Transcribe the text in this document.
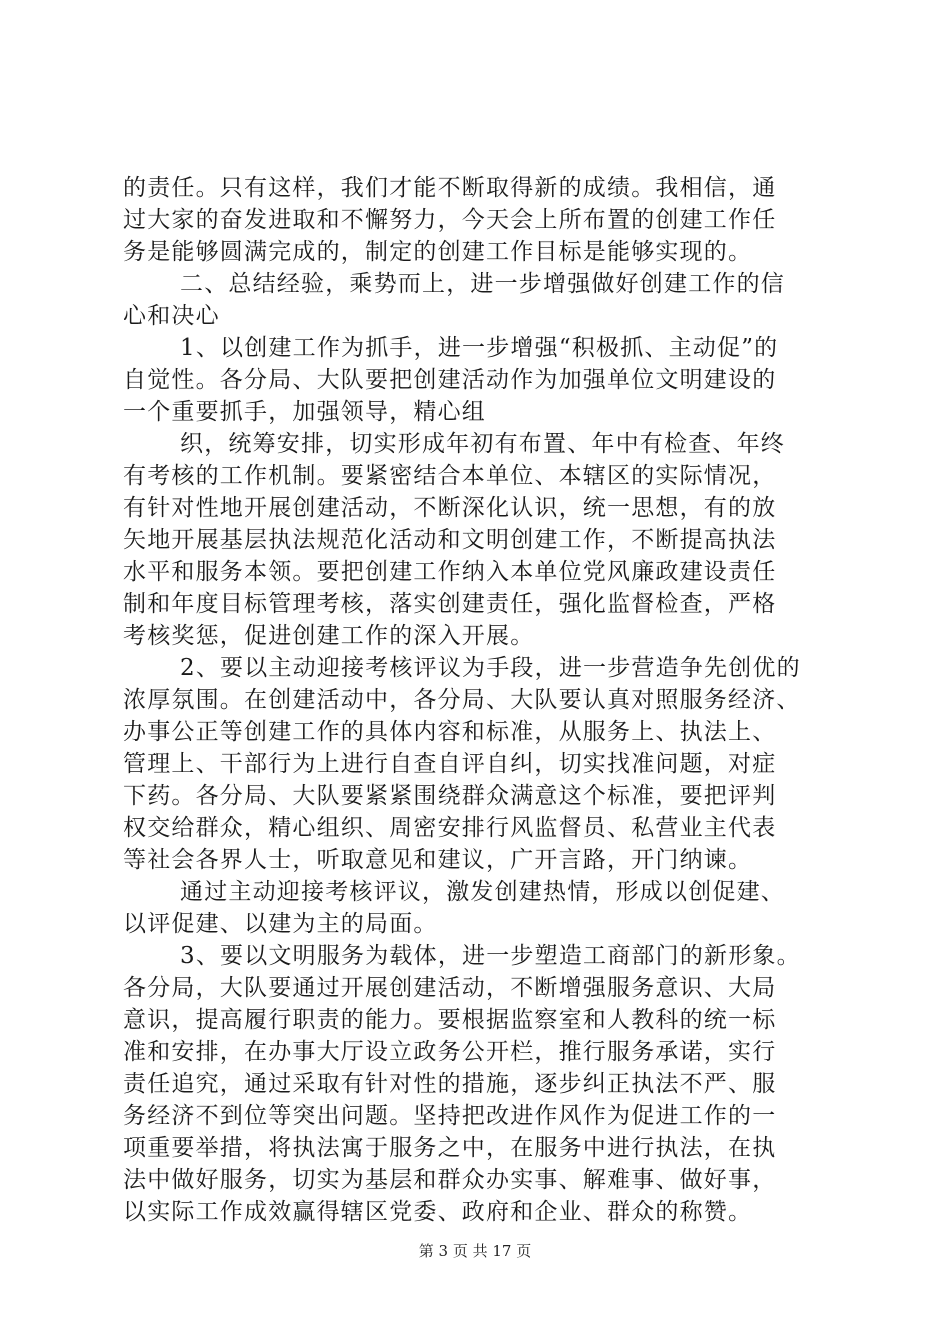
的责任。只有这样，我们才能不断取得新的成绩。我相信，通
过大家的奋发进取和不懈努力，今天会上所布置的创建工作任
务是能够圆满完成的，制定的创建工作目标是能够实现的。
二、总结经验，乘势而上，进一步增强做好创建工作的信
心和决心
1、以创建工作为抓手，进一步增强“积极抓、主动促”的
自觉性。各分局、大队要把创建活动作为加强单位文明建设的
一个重要抓手，加强领导，精心组
织，统筹安排，切实形成年初有布置、年中有检查、年终
有考核的工作机制。要紧密结合本单位、本辖区的实际情况，
有针对性地开展创建活动，不断深化认识，统一思想，有的放
矢地开展基层执法规范化活动和文明创建工作，不断提高执法
水平和服务本领。要把创建工作纳入本单位党风廉政建设责任
制和年度目标管理考核，落实创建责任，强化监督检查，严格
考核奖惩，促进创建工作的深入开展。
2、要以主动迎接考核评议为手段，进一步营造争先创优的
浓厚氛围。在创建活动中，各分局、大队要认真对照服务经济、
办事公正等创建工作的具体内容和标准，从服务上、执法上、
管理上、干部行为上进行自查自评自纠，切实找准问题，对症
下药。各分局、大队要紧紧围绕群众满意这个标准，要把评判
权交给群众，精心组织、周密安排行风监督员、私营业主代表
等社会各界人士，听取意见和建议，广开言路，开门纳谏。
通过主动迎接考核评议，激发创建热情，形成以创促建、
以评促建、以建为主的局面。
3、要以文明服务为载体，进一步塑造工商部门的新形象。
各分局，大队要通过开展创建活动，不断增强服务意识、大局
意识，提高履行职责的能力。要根据监察室和人教科的统一标
准和安排，在办事大厅设立政务公开栏，推行服务承诺，实行
责任追究，通过采取有针对性的措施，逐步纠正执法不严、服
务经济不到位等突出问题。坚持把改进作风作为促进工作的一
项重要举措，将执法寓于服务之中，在服务中进行执法，在执
法中做好服务，切实为基层和群众办实事、解难事、做好事，
以实际工作成效赢得辖区党委、政府和企业、群众的称赞。
第 3 页 共 17 页
